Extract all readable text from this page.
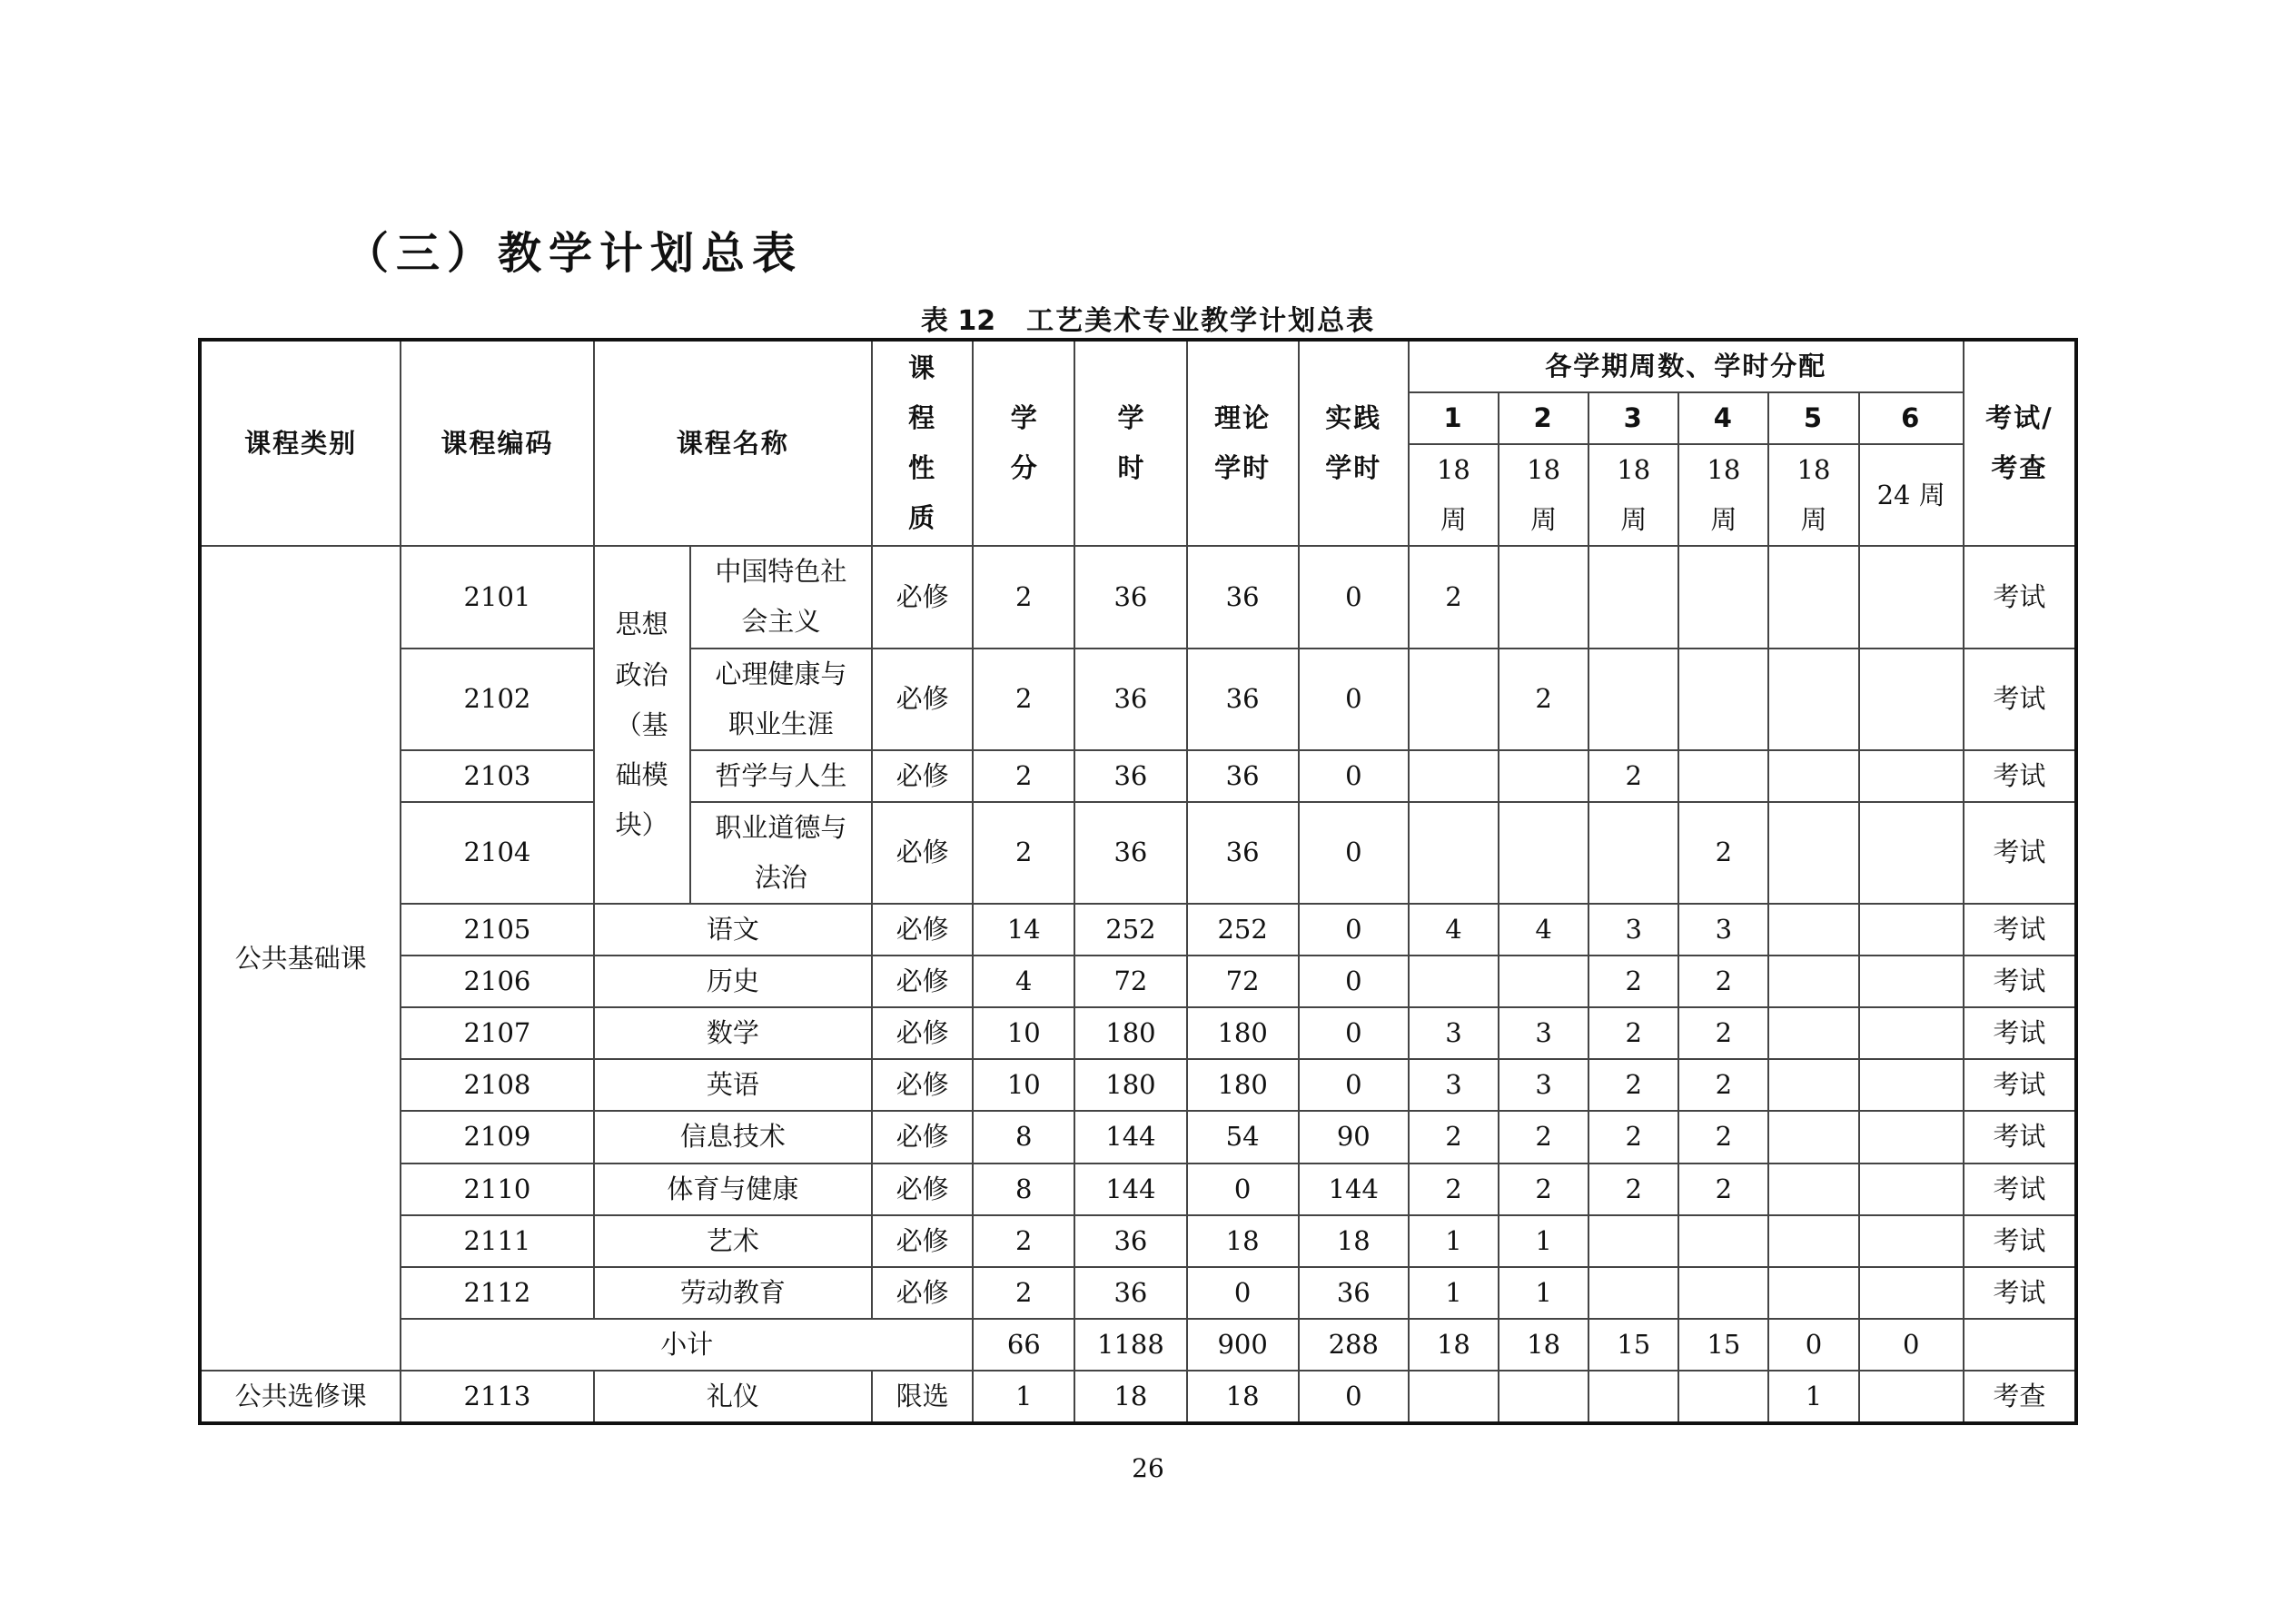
（三）教学计划总表
表 12 工艺美术专业教学计划总表
课程类别	课程编码	课程名称		课程性质	学分	学时	理论学时	实践学时	各学期周数、学时分配						考试/考查
									1	2	3	4	5	6	
									18周	18周	18周	18周	18周	24 周	
公共基础课	2101	思想政治（基础模块）	中国特色社会主义	必修	2	36	36	0	2						考试
	2102		心理健康与职业生涯	必修	2	36	36	0		2					考试
	2103		哲学与人生	必修	2	36	36	0			2				考试
	2104		职业道德与法治	必修	2	36	36	0				2			考试
	2105	语文		必修	14	252	252	0	4	4	3	3			考试
	2106	历史		必修	4	72	72	0			2	2			考试
	2107	数学		必修	10	180	180	0	3	3	2	2			考试
	2108	英语		必修	10	180	180	0	3	3	2	2			考试
	2109	信息技术		必修	8	144	54	90	2	2	2	2			考试
	2110	体育与健康		必修	8	144	0	144	2	2	2	2			考试
	2111	艺术		必修	2	36	18	18	1	1					考试
	2112	劳动教育		必修	2	36	0	36	1	1					考试
	小计				66	1188	900	288	18	18	15	15	0	0	
公共选修课	2113	礼仪		限选	1	18	18	0					1		考查
26
